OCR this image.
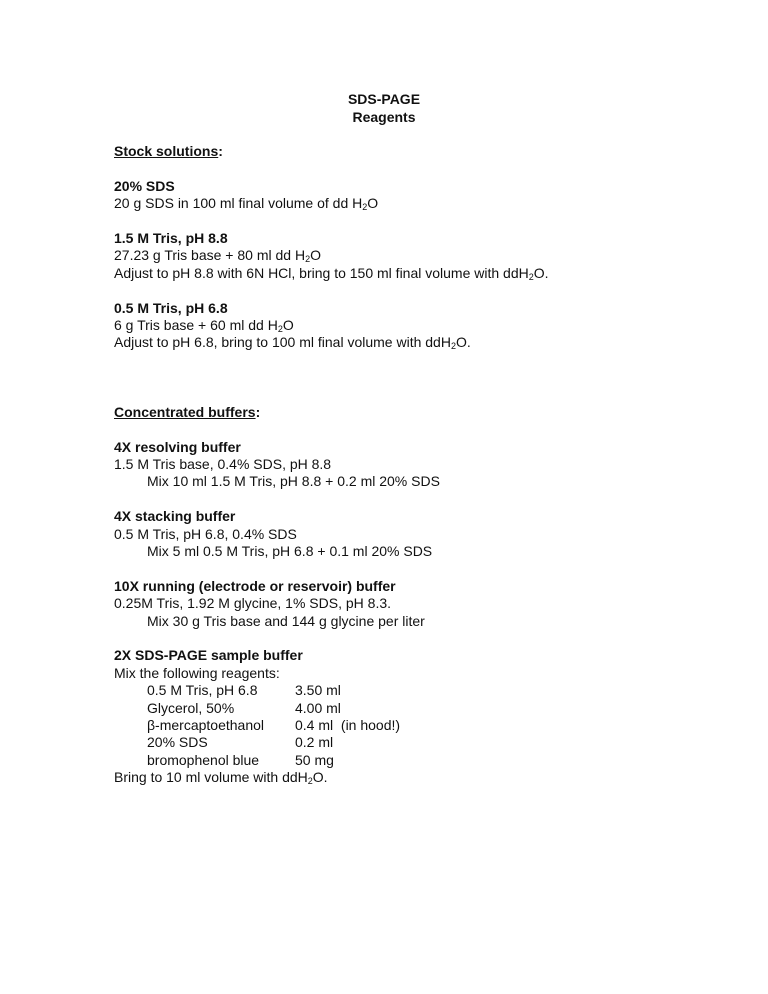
SDS-PAGE
Reagents
Stock solutions:
20% SDS
20 g SDS in 100 ml final volume of dd $H_2O$
1.5 M Tris, pH 8.8
27.23 g Tris base + 80 ml dd $H_2O$
Adjust to pH 8.8 with 6N HCl, bring to 150 ml final volume with ddH$_2$O.
0.5 M Tris, pH 6.8
6 g Tris base + 60 ml dd $H_2O$
Adjust to pH 6.8, bring to 100 ml final volume with ddH$_2$O.
Concentrated buffers:
4X resolving buffer
1.5 M Tris base, 0.4% SDS, pH 8.8
Mix 10 ml 1.5 M Tris, pH 8.8 + 0.2 ml 20% SDS
4X stacking buffer
0.5 M Tris, pH 6.8, 0.4% SDS
Mix 5 ml 0.5 M Tris, pH 6.8 + 0.1 ml 20% SDS
10X running (electrode or reservoir) buffer
0.25M Tris, 1.92 M glycine, 1% SDS, pH 8.3.
Mix 30 g Tris base and 144 g glycine per liter
2X SDS-PAGE sample buffer
Mix the following reagents:
0.5 M Tris, pH 6.8	3.50 ml
Glycerol, 50%	4.00 ml
β-mercaptoethanol	0.4 ml  (in hood!)
20% SDS	0.2 ml
bromophenol blue	50 mg
Bring to 10 ml volume with ddH$_2$O.
